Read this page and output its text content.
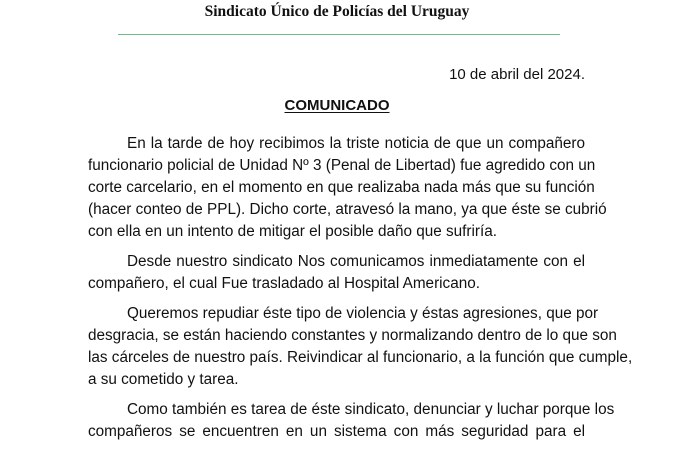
Sindicato Único de Policías del Uruguay
10 de abril del 2024.
COMUNICADO
En la tarde de hoy recibimos la triste noticia de que un compañero
funcionario policial de Unidad Nº 3 (Penal de Libertad) fue agredido con un
corte carcelario, en el momento en que realizaba nada más que su función
(hacer conteo de PPL). Dicho corte, atravesó la mano, ya que éste se cubrió
con ella en un intento de mitigar el posible daño que sufriría.
Desde nuestro sindicato Nos comunicamos inmediatamente con el
compañero, el cual Fue trasladado al Hospital Americano.
Queremos repudiar éste tipo de violencia y éstas agresiones, que por
desgracia, se están haciendo constantes y normalizando dentro de lo que son
las cárceles de nuestro país. Reivindicar al funcionario, a la función que cumple,
a su cometido y tarea.
Como también es tarea de éste sindicato, denunciar y luchar porque los
compañeros se encuentren en un sistema con más seguridad para el
